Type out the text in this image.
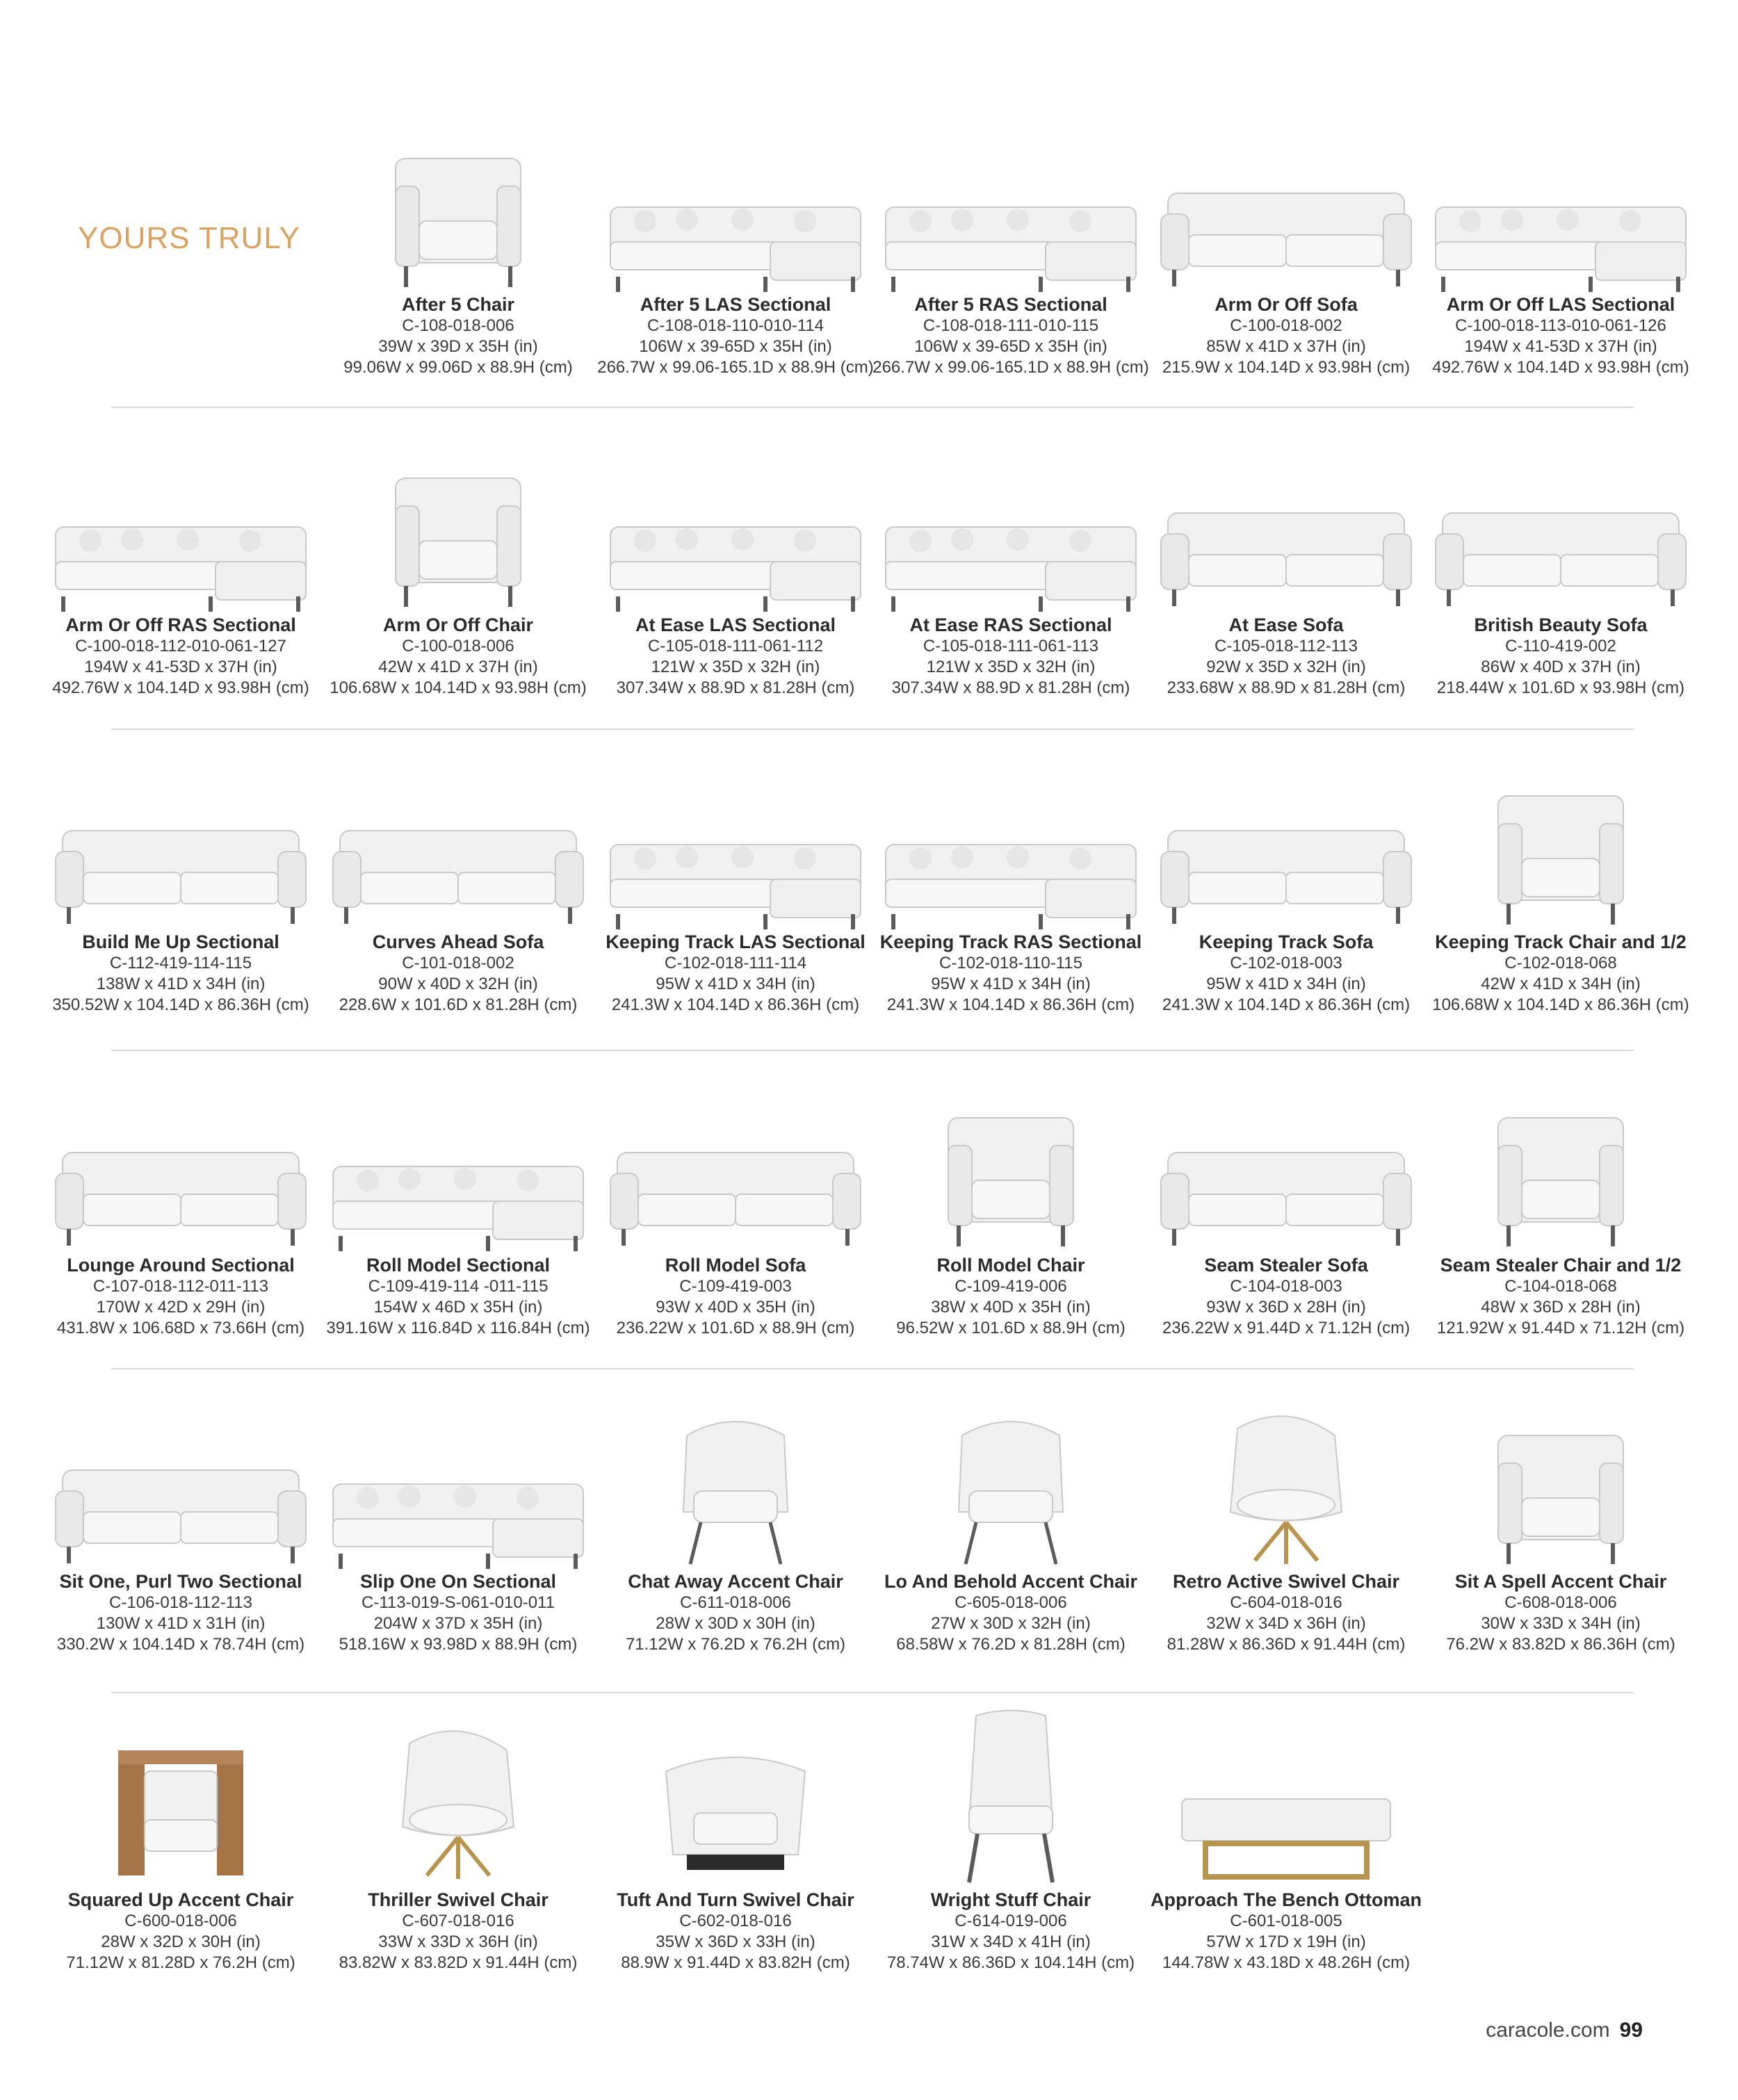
YOURS TRULY
After 5 Chair
C-108-018-006
39W x 39D x 35H (in)
99.06W x 99.06D x 88.9H (cm)
After 5 LAS Sectional
C-108-018-110-010-114
106W x 39-65D x 35H (in)
266.7W x 99.06-165.1D x 88.9H (cm)
After 5 RAS Sectional
C-108-018-111-010-115
106W x 39-65D x 35H (in)
266.7W x 99.06-165.1D x 88.9H (cm)
Arm Or Off Sofa
C-100-018-002
85W x 41D x 37H (in)
215.9W x 104.14D x 93.98H (cm)
Arm Or Off LAS Sectional
C-100-018-113-010-061-126
194W x 41-53D x 37H (in)
492.76W x 104.14D x 93.98H (cm)
Arm Or Off RAS Sectional
C-100-018-112-010-061-127
194W x 41-53D x 37H (in)
492.76W x 104.14D x 93.98H (cm)
Arm Or Off Chair
C-100-018-006
42W x 41D x 37H (in)
106.68W x 104.14D x 93.98H (cm)
At Ease LAS Sectional
C-105-018-111-061-112
121W x 35D x 32H (in)
307.34W x 88.9D x 81.28H (cm)
At Ease RAS Sectional
C-105-018-111-061-113
121W x 35D x 32H (in)
307.34W x 88.9D x 81.28H (cm)
At Ease Sofa
C-105-018-112-113
92W x 35D x 32H (in)
233.68W x 88.9D x 81.28H (cm)
British Beauty Sofa
C-110-419-002
86W x 40D x 37H (in)
218.44W x 101.6D x 93.98H (cm)
Build Me Up Sectional
C-112-419-114-115
138W x 41D x 34H (in)
350.52W x 104.14D x 86.36H (cm)
Curves Ahead Sofa
C-101-018-002
90W x 40D x 32H (in)
228.6W x 101.6D x 81.28H (cm)
Keeping Track LAS Sectional
C-102-018-111-114
95W x 41D x 34H (in)
241.3W x 104.14D x 86.36H (cm)
Keeping Track RAS Sectional
C-102-018-110-115
95W x 41D x 34H (in)
241.3W x 104.14D x 86.36H (cm)
Keeping Track Sofa
C-102-018-003
95W x 41D x 34H (in)
241.3W x 104.14D x 86.36H (cm)
Keeping Track Chair and 1/2
C-102-018-068
42W x 41D x 34H (in)
106.68W x 104.14D x 86.36H (cm)
Lounge Around Sectional
C-107-018-112-011-113
170W x 42D x 29H (in)
431.8W x 106.68D x 73.66H (cm)
Roll Model Sectional
C-109-419-114 -011-115
154W x 46D x 35H (in)
391.16W x 116.84D x 116.84H (cm)
Roll Model Sofa
C-109-419-003
93W x 40D x 35H (in)
236.22W x 101.6D x 88.9H (cm)
Roll Model Chair
C-109-419-006
38W x 40D x 35H (in)
96.52W x 101.6D x 88.9H (cm)
Seam Stealer Sofa
C-104-018-003
93W x 36D x 28H (in)
236.22W x 91.44D x 71.12H (cm)
Seam Stealer Chair and 1/2
C-104-018-068
48W x 36D x 28H (in)
121.92W x 91.44D x 71.12H (cm)
Sit One, Purl Two Sectional
C-106-018-112-113
130W x 41D x 31H (in)
330.2W x 104.14D x 78.74H (cm)
Slip One On Sectional
C-113-019-S-061-010-011
204W x 37D x 35H (in)
518.16W x 93.98D x 88.9H (cm)
Chat Away Accent Chair
C-611-018-006
28W x 30D x 30H (in)
71.12W x 76.2D x 76.2H (cm)
Lo And Behold Accent Chair
C-605-018-006
27W x 30D x 32H (in)
68.58W x 76.2D x 81.28H (cm)
Retro Active Swivel Chair
C-604-018-016
32W x 34D x 36H (in)
81.28W x 86.36D x 91.44H (cm)
Sit A Spell Accent Chair
C-608-018-006
30W x 33D x 34H (in)
76.2W x 83.82D x 86.36H (cm)
Squared Up Accent Chair
C-600-018-006
28W x 32D x 30H (in)
71.12W x 81.28D x 76.2H (cm)
Thriller Swivel Chair
C-607-018-016
33W x 33D x 36H (in)
83.82W x 83.82D x 91.44H (cm)
Tuft And Turn Swivel Chair
C-602-018-016
35W x 36D x 33H (in)
88.9W x 91.44D x 83.82H (cm)
Wright Stuff Chair
C-614-019-006
31W x 34D x 41H (in)
78.74W x 86.36D x 104.14H (cm)
Approach The Bench Ottoman
C-601-018-005
57W x 17D x 19H (in)
144.78W x 43.18D x 48.26H (cm)
caracole.com 99
